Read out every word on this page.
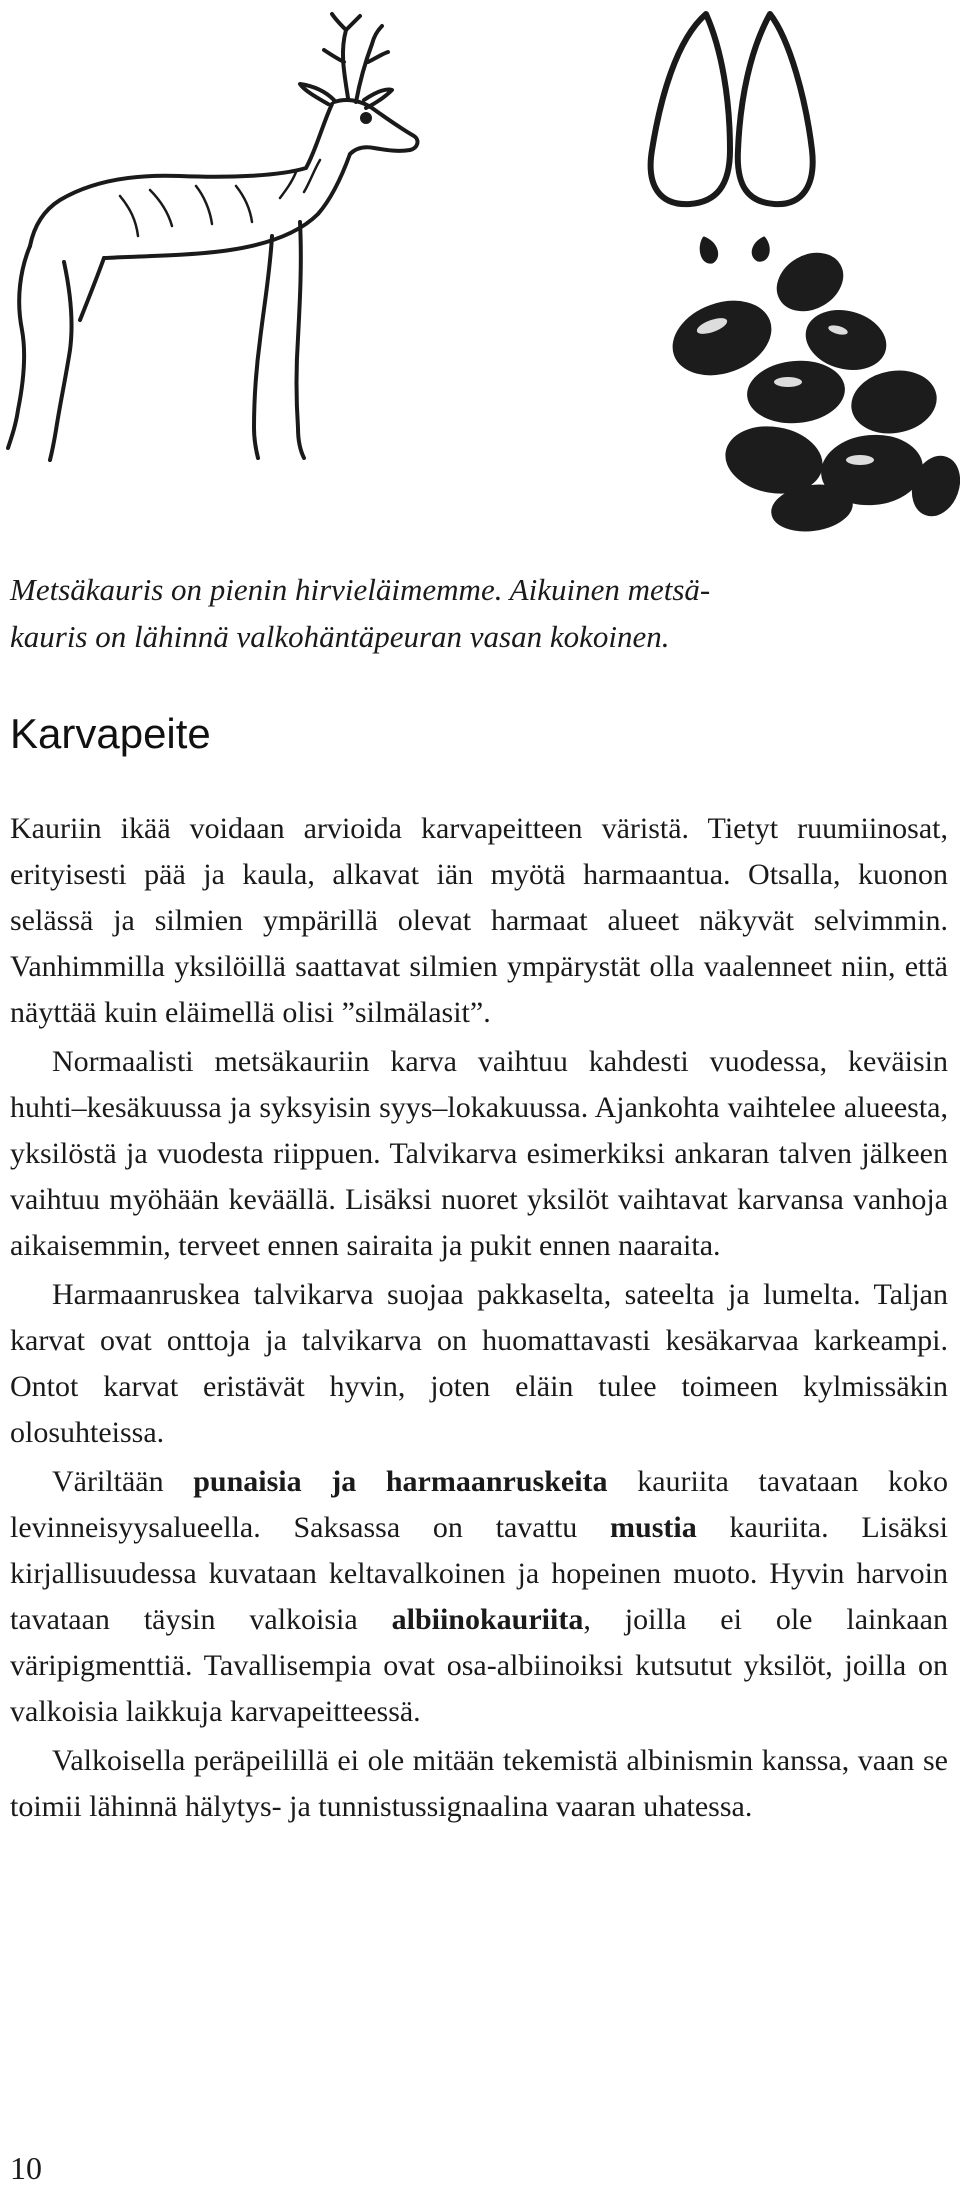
Metsäkauris on pienin hirvieläimemme. Aikuinen metsä-
kauris on lähinnä valkohäntäpeuran vasan kokoinen.
Karvapeite

Kauriin ikää voidaan arvioida karvapeitteen väristä. Tietyt ruumiinosat, erityisesti pää ja kaula, alkavat iän myötä harmaantua. Otsalla, kuonon selässä ja silmien ympärillä olevat harmaat alueet näkyvät selvimmin. Vanhimmilla yksilöillä saattavat silmien ympärystät olla vaalenneet niin, että näyttää kuin eläimellä olisi ”silmälasit”.

Normaalisti metsäkauriin karva vaihtuu kahdesti vuodessa, keväisin huhti–kesäkuussa ja syksyisin syys–lokakuussa. Ajankohta vaihtelee alueesta, yksilöstä ja vuodesta riippuen. Talvikarva esimerkiksi ankaran talven jälkeen vaihtuu myöhään keväällä. Lisäksi nuoret yksilöt vaihtavat karvansa vanhoja aikaisemmin, terveet ennen sairaita ja pukit ennen naaraita.

Harmaanruskea talvikarva suojaa pakkaselta, sateelta ja lumelta. Taljan karvat ovat onttoja ja talvikarva on huomattavasti kesäkarvaa karkeampi. Ontot karvat eristävät hyvin, joten eläin tulee toimeen kylmissäkin olosuhteissa.

Väriltään punaisia ja harmaanruskeita kauriita tavataan koko levinneisyysalueella. Saksassa on tavattu mustia kauriita. Lisäksi kirjallisuudessa kuvataan keltavalkoinen ja hopeinen muoto. Hyvin harvoin tavataan täysin valkoisia albiinokauriita, joilla ei ole lainkaan väripigmenttiä. Tavallisempia ovat osa-albiinoiksi kutsutut yksilöt, joilla on valkoisia laikkuja karvapeitteessä.

Valkoisella peräpeilillä ei ole mitään tekemistä albinismin kanssa, vaan se toimii lähinnä hälytys- ja tunnistussignaalina vaaran uhatessa.

10
